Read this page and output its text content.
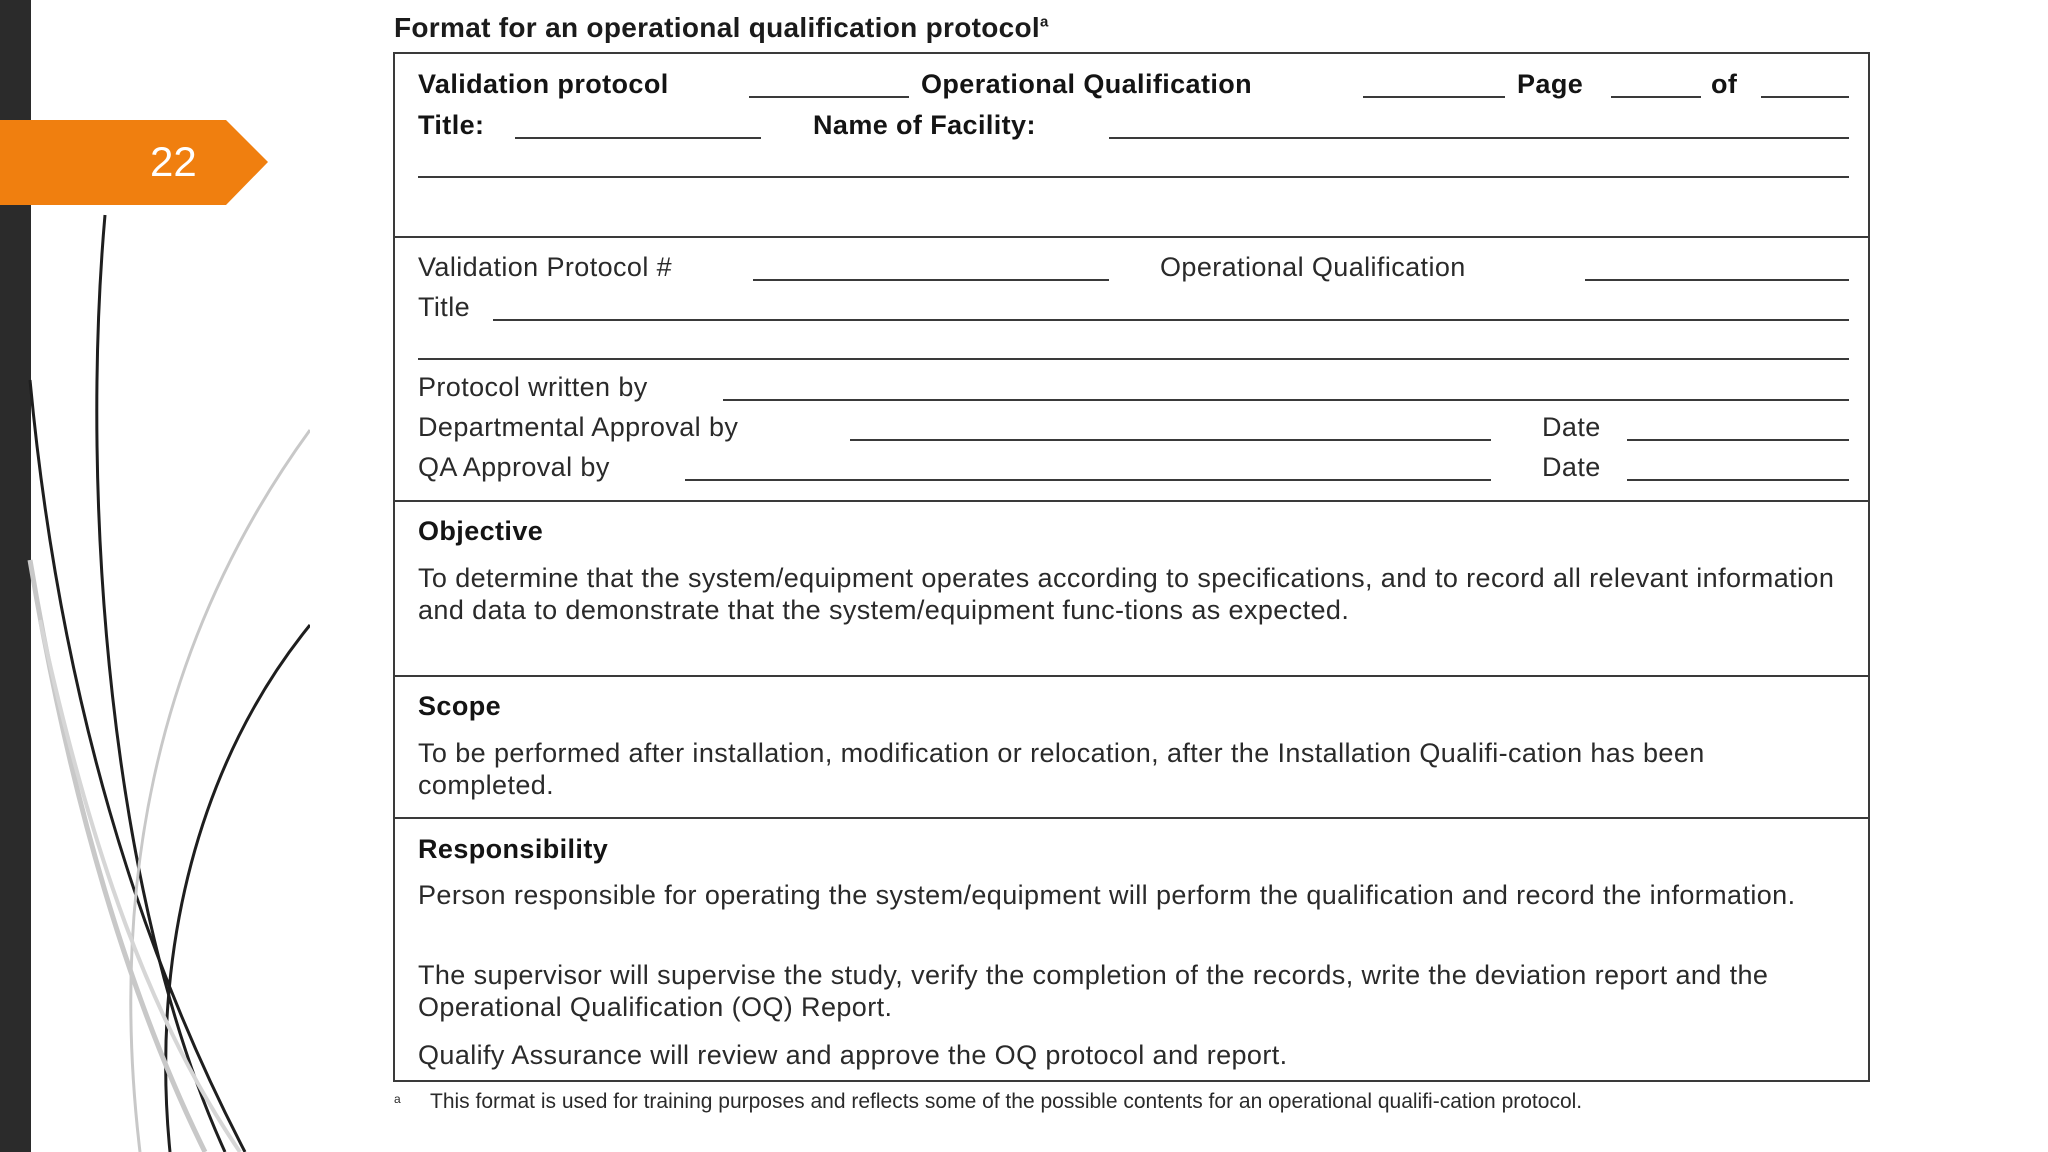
22
Format for an operational qualification protocol$^a$
Validation protocol	Operational Qualification	Page	of
Title:	Name of Facility:
Validation Protocol #	Operational Qualification
Title
Protocol written by
Departmental Approval by	Date
QA Approval by	Date
Objective
To determine that the system/equipment operates according to specifications, and to record all relevant information and data to demonstrate that the system/equipment func-tions as expected.
Scope
To be performed after installation, modification or relocation, after the Installation Qualifi-cation has been completed.
Responsibility
Person responsible for operating the system/equipment will perform the qualification and record the information.
The supervisor will supervise the study, verify the completion of the records, write the deviation report and the Operational Qualification (OQ) Report.
Qualify Assurance will review and approve the OQ protocol and report.
a This format is used for training purposes and reflects some of the possible contents for an operational qualifi-cation protocol.
